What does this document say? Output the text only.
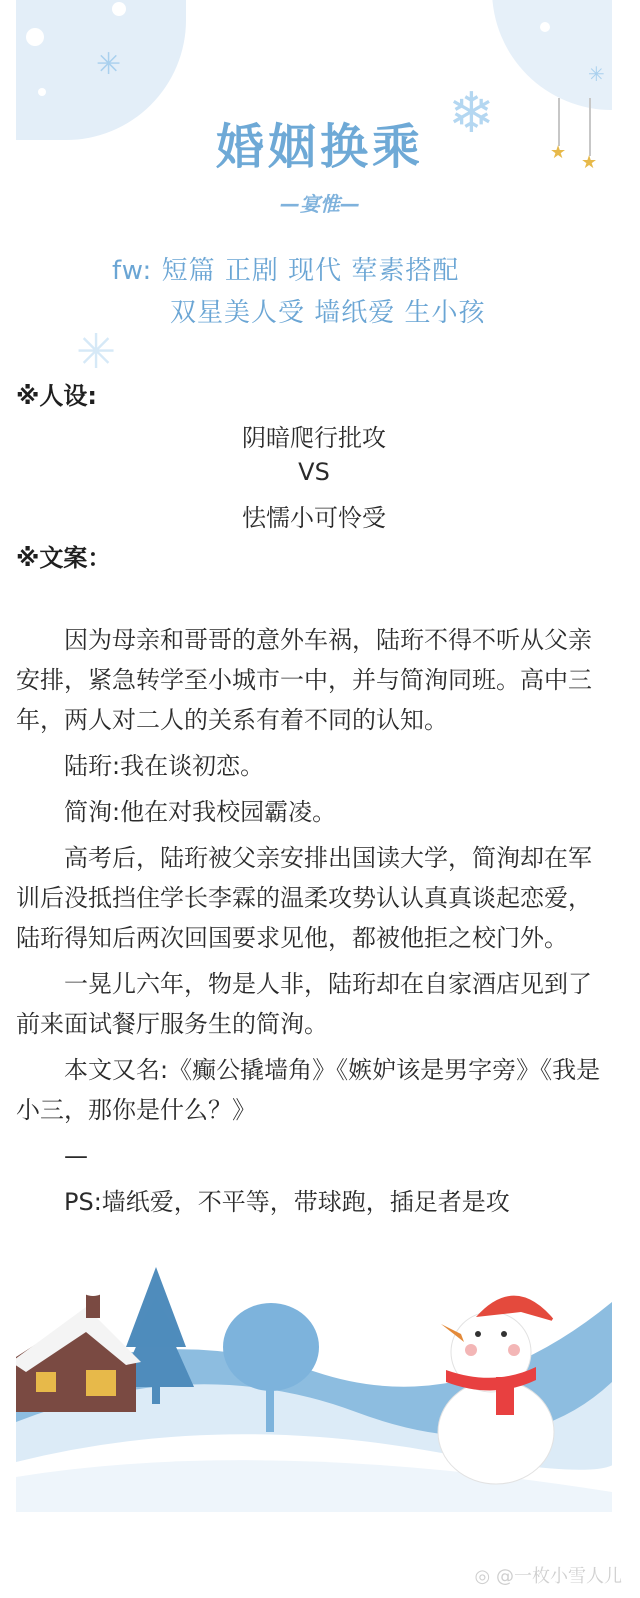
✳
❄
✳
✳
★ ★
婚姻换乘
—宴惟—
fw: 短篇 正剧 现代 荤素搭配
双星美人受 墙纸爱 生小孩
※人设:
阴暗爬行批攻
VS
怯懦小可怜受
※文案：

因为母亲和哥哥的意外车祸，陆珩不得不听从父亲安排，紧急转学至小城市一中，并与简洵同班。高中三年，两人对二人的关系有着不同的认知。

陆珩:我在谈初恋。

简洵:他在对我校园霸凌。

高考后，陆珩被父亲安排出国读大学，简洵却在军训后没抵挡住学长李霖的温柔攻势认认真真谈起恋爱，陆珩得知后两次回国要求见他，都被他拒之校门外。

一晃儿六年，物是人非，陆珩却在自家酒店见到了前来面试餐厅服务生的简洵。

本文又名:《癫公撬墙角》《嫉妒该是男字旁》《我是小三，那你是什么？》

—

PS:墙纸爱，不平等，带球跑，插足者是攻

◎ @一枚小雪人儿
